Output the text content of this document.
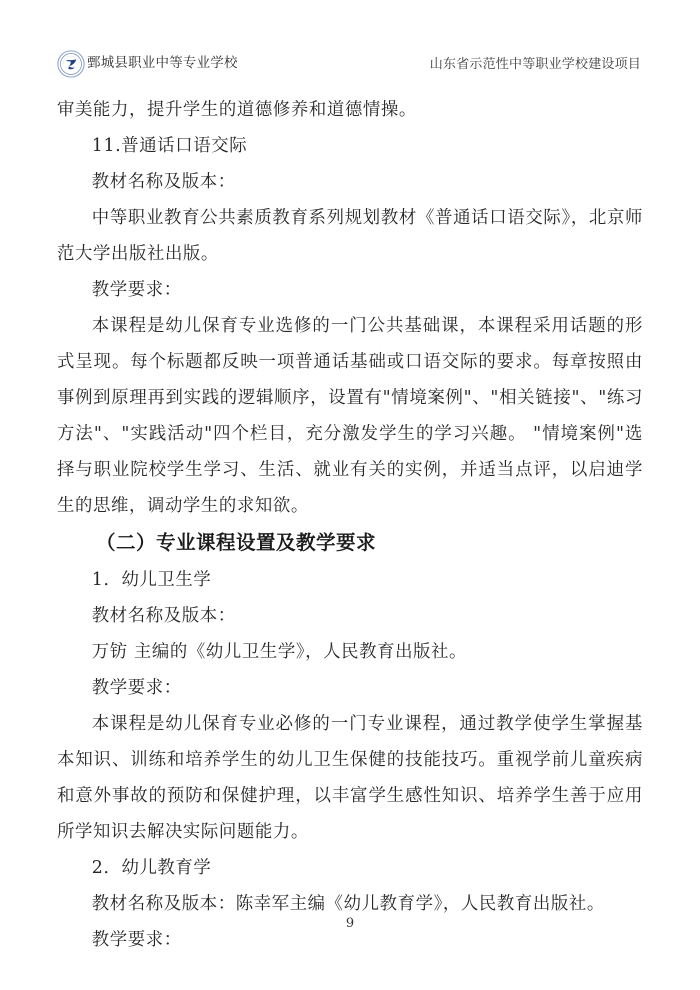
鄄城县职业中等专业学校	山东省示范性中等职业学校建设项目

审美能力，提升学生的道德修养和道德情操。

11.普通话口语交际

教材名称及版本：

中等职业教育公共素质教育系列规划教材《普通话口语交际》，北京师范大学出版社出版。

教学要求：

本课程是幼儿保育专业选修的一门公共基础课，本课程采用话题的形式呈现。每个标题都反映一项普通话基础或口语交际的要求。每章按照由事例到原理再到实践的逻辑顺序，设置有"情境案例"、"相关链接"、"练习方法"、"实践活动"四个栏目，充分激发学生的学习兴趣。 "情境案例"选择与职业院校学生学习、生活、就业有关的实例，并适当点评，以启迪学生的思维，调动学生的求知欲。

（二）专业课程设置及教学要求

1．幼儿卫生学

教材名称及版本：

万钫 主编的《幼儿卫生学》，人民教育出版社。

教学要求：

本课程是幼儿保育专业必修的一门专业课程，通过教学使学生掌握基本知识、训练和培养学生的幼儿卫生保健的技能技巧。重视学前儿童疾病和意外事故的预防和保健护理，以丰富学生感性知识、培养学生善于应用所学知识去解决实际问题能力。

2．幼儿教育学

教材名称及版本：陈幸军主编《幼儿教育学》，人民教育出版社。

教学要求：

9
